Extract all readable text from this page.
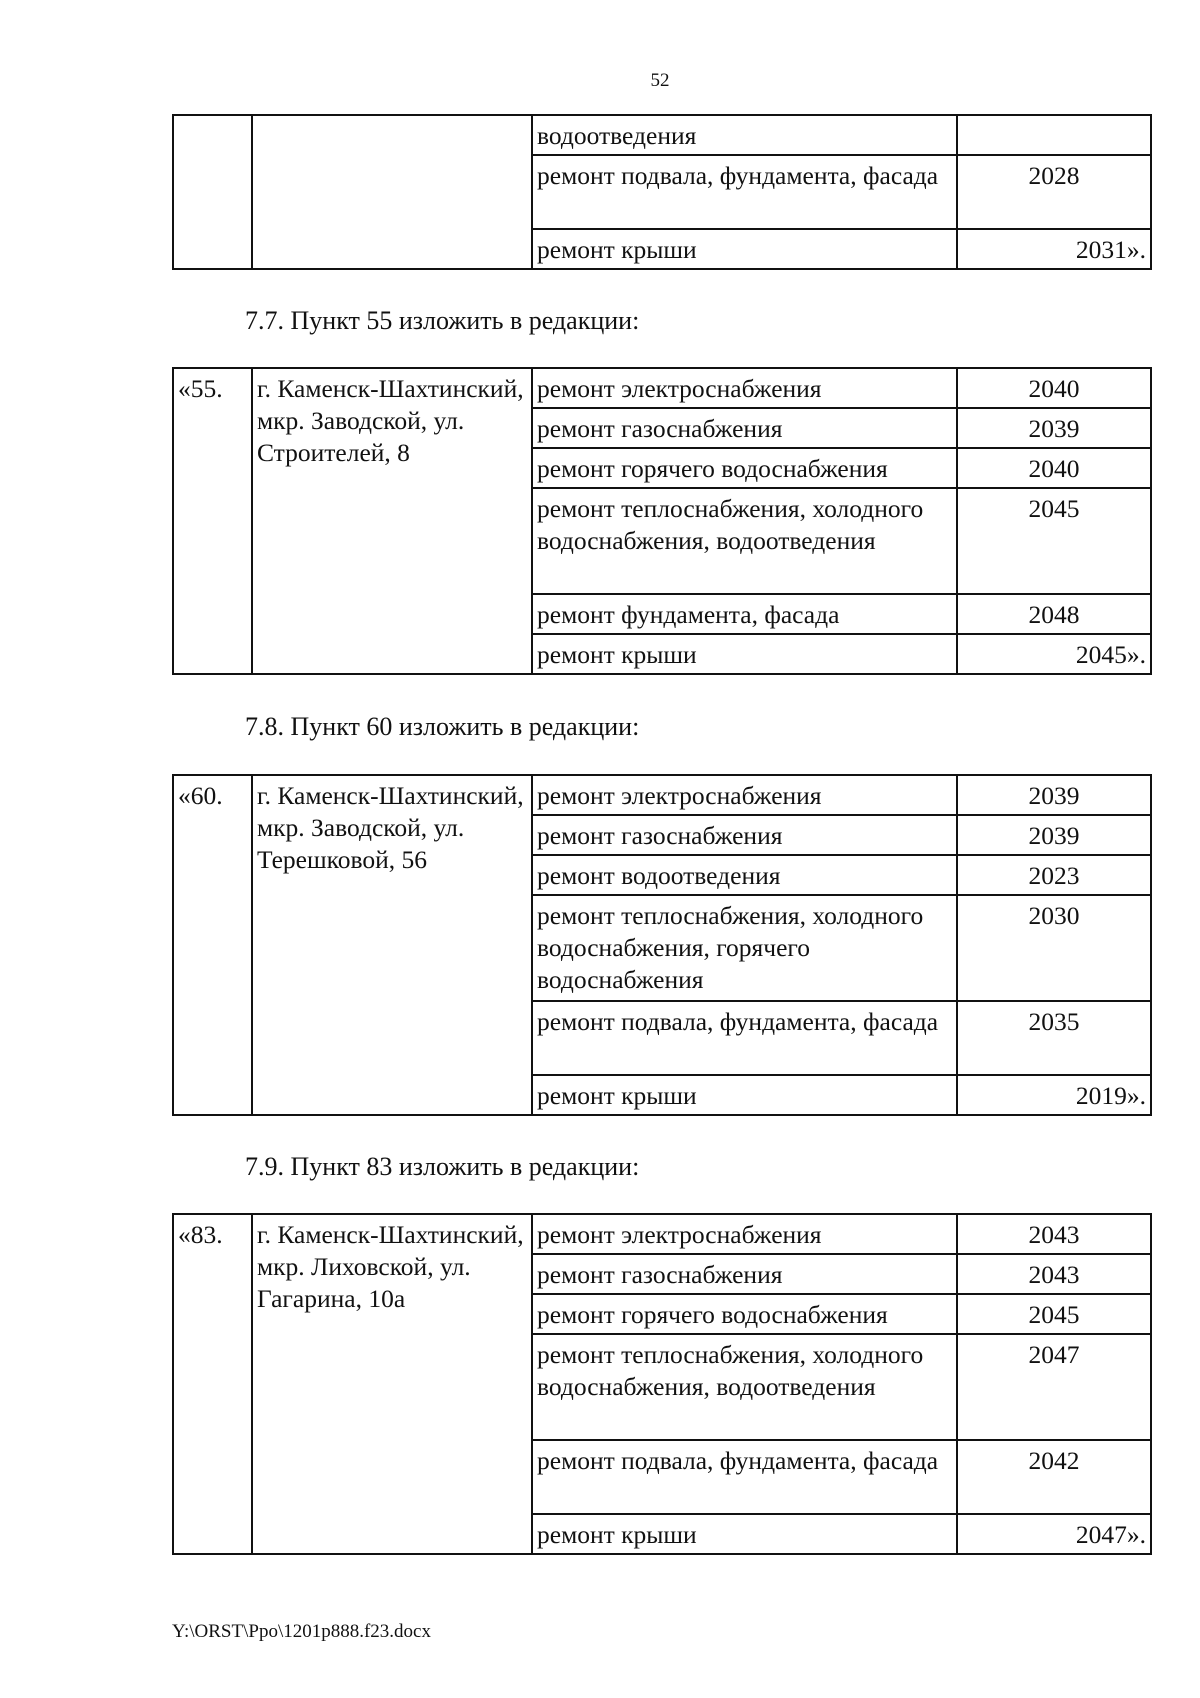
52
		водоотведения	
		ремонт подвала, фундамента, фасада	2028
		ремонт крыши	2031».
7.7. Пункт 55 изложить в редакции:
«55.	г. Каменск-Шахтинский, мкр. Заводской, ул. Строителей, 8	ремонт электроснабжения	2040
		ремонт газоснабжения	2039
		ремонт горячего водоснабжения	2040
		ремонт теплоснабжения, холодного водоснабжения, водоотведения	2045
		ремонт фундамента, фасада	2048
		ремонт крыши	2045».
7.8. Пункт 60 изложить в редакции:
«60.	г. Каменск-Шахтинский, мкр. Заводской, ул. Терешковой, 56	ремонт электроснабжения	2039
		ремонт газоснабжения	2039
		ремонт водоотведения	2023
		ремонт теплоснабжения, холодного водоснабжения, горячего водоснабжения	2030
		ремонт подвала, фундамента, фасада	2035
		ремонт крыши	2019».
7.9. Пункт 83 изложить в редакции:
«83.	г. Каменск-Шахтинский, мкр. Лиховской, ул. Гагарина, 10а	ремонт электроснабжения	2043
		ремонт газоснабжения	2043
		ремонт горячего водоснабжения	2045
		ремонт теплоснабжения, холодного водоснабжения, водоотведения	2047
		ремонт подвала, фундамента, фасада	2042
		ремонт крыши	2047».
Y:\ORST\Ppo\1201p888.f23.docx
